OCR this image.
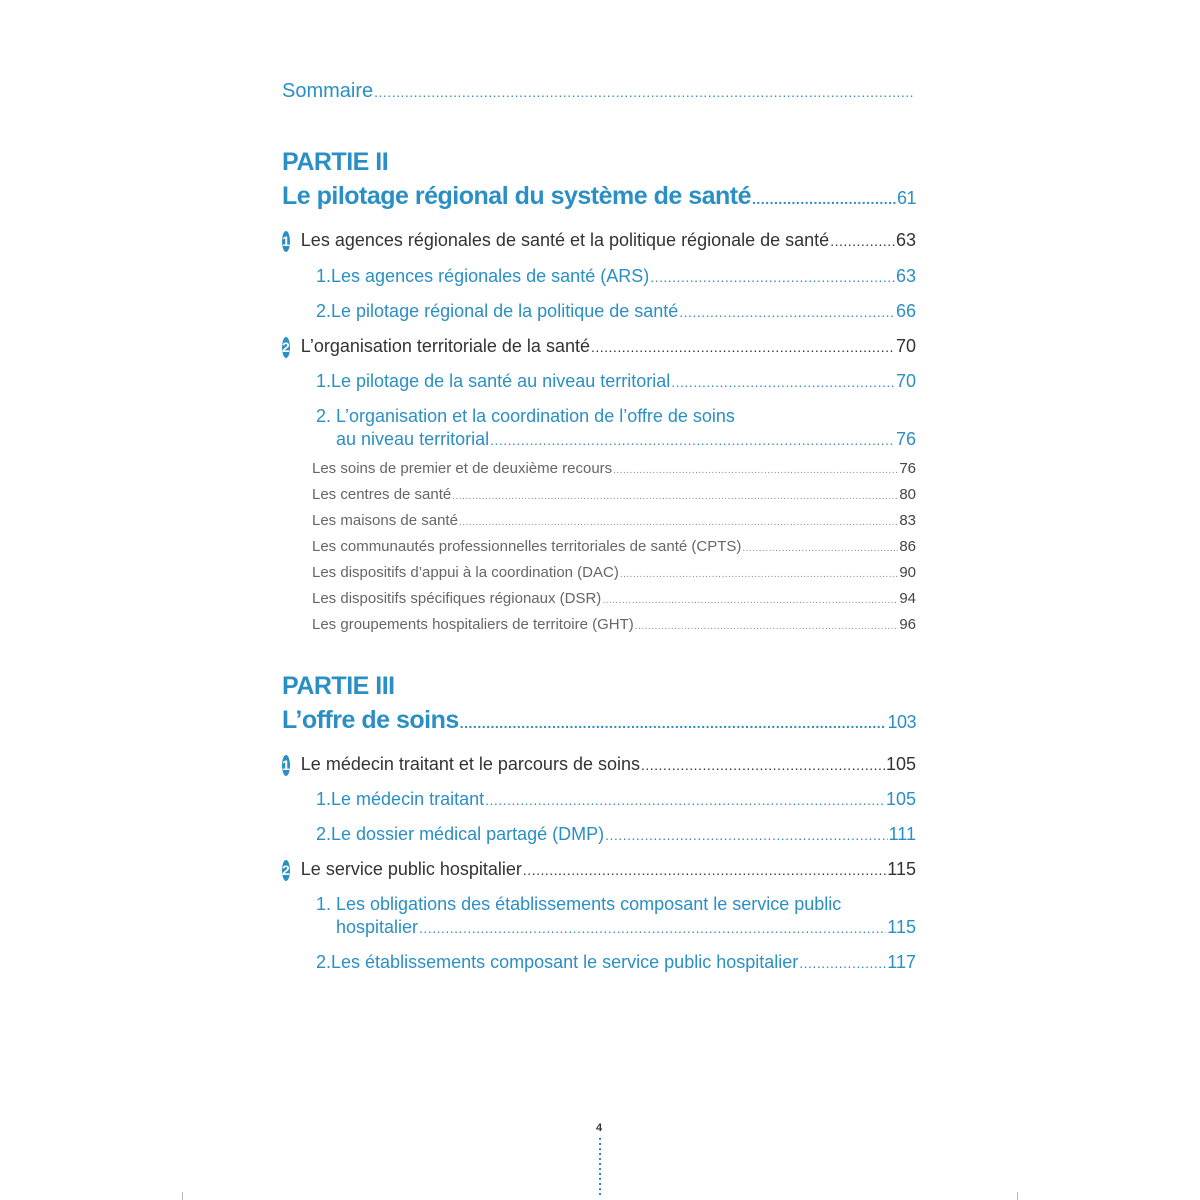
Sommaire
.....
PARTIE II
Le pilotage régional du système de santé .....	61
1 Les agences régionales de santé et la politique régionale de santé .....	63
1. Les agences régionales de santé (ARS) .....	63
2. Le pilotage régional de la politique de santé .....	66
2 L’organisation territoriale de la santé .....	70
1. Le pilotage de la santé au niveau territorial .....	70
2. L’organisation et la coordination de l’offre de soins
au niveau territorial .....	76
Les soins de premier et de deuxième recours .....	76
Les centres de santé .....	80
Les maisons de santé .....	83
Les communautés professionnelles territoriales de santé (CPTS) .....	86
Les dispositifs d’appui à la coordination (DAC) .....	90
Les dispositifs spécifiques régionaux (DSR) .....	94
Les groupements hospitaliers de territoire (GHT) .....	96
PARTIE III
L’offre de soins .....	103
1 Le médecin traitant et le parcours de soins .....	105
1. Le médecin traitant .....	105
2. Le dossier médical partagé (DMP) .....	111
2 Le service public hospitalier .....	115
1. Les obligations des établissements composant le service public
hospitalier .....	115
2. Les établissements composant le service public hospitalier .....	117
4
